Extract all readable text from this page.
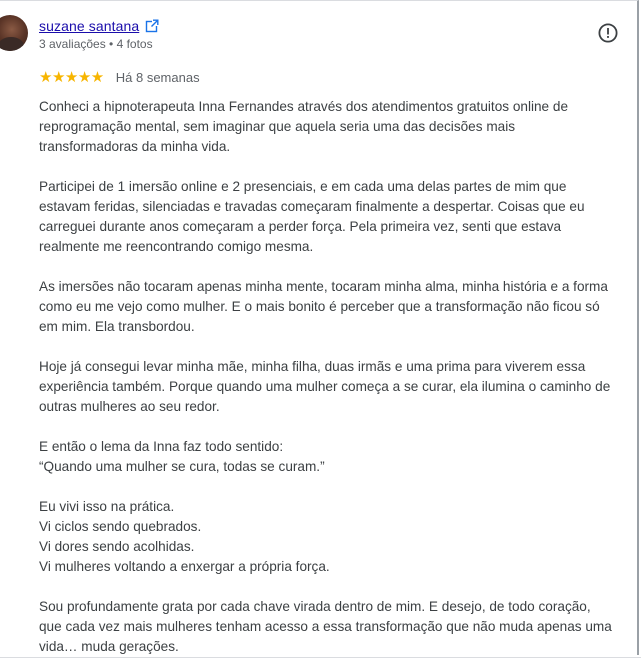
suzane santana
3 avaliações • 4 fotos
★★★★★ Há 8 semanas

Conheci a hipnoterapeuta Inna Fernandes através dos atendimentos gratuitos online de
reprogramação mental, sem imaginar que aquela seria uma das decisões mais
transformadoras da minha vida.

Participei de 1 imersão online e 2 presenciais, e em cada uma delas partes de mim que
estavam feridas, silenciadas e travadas começaram finalmente a despertar. Coisas que eu
carreguei durante anos começaram a perder força. Pela primeira vez, senti que estava
realmente me reencontrando comigo mesma.

As imersões não tocaram apenas minha mente, tocaram minha alma, minha história e a forma
como eu me vejo como mulher. E o mais bonito é perceber que a transformação não ficou só
em mim. Ela transbordou.

Hoje já consegui levar minha mãe, minha filha, duas irmãs e uma prima para viverem essa
experiência também. Porque quando uma mulher começa a se curar, ela ilumina o caminho de
outras mulheres ao seu redor.

E então o lema da Inna faz todo sentido:
“Quando uma mulher se cura, todas se curam.”

Eu vivi isso na prática.
Vi ciclos sendo quebrados.
Vi dores sendo acolhidas.
Vi mulheres voltando a enxergar a própria força.

Sou profundamente grata por cada chave virada dentro de mim. E desejo, de todo coração,
que cada vez mais mulheres tenham acesso a essa transformação que não muda apenas uma
vida… muda gerações.
